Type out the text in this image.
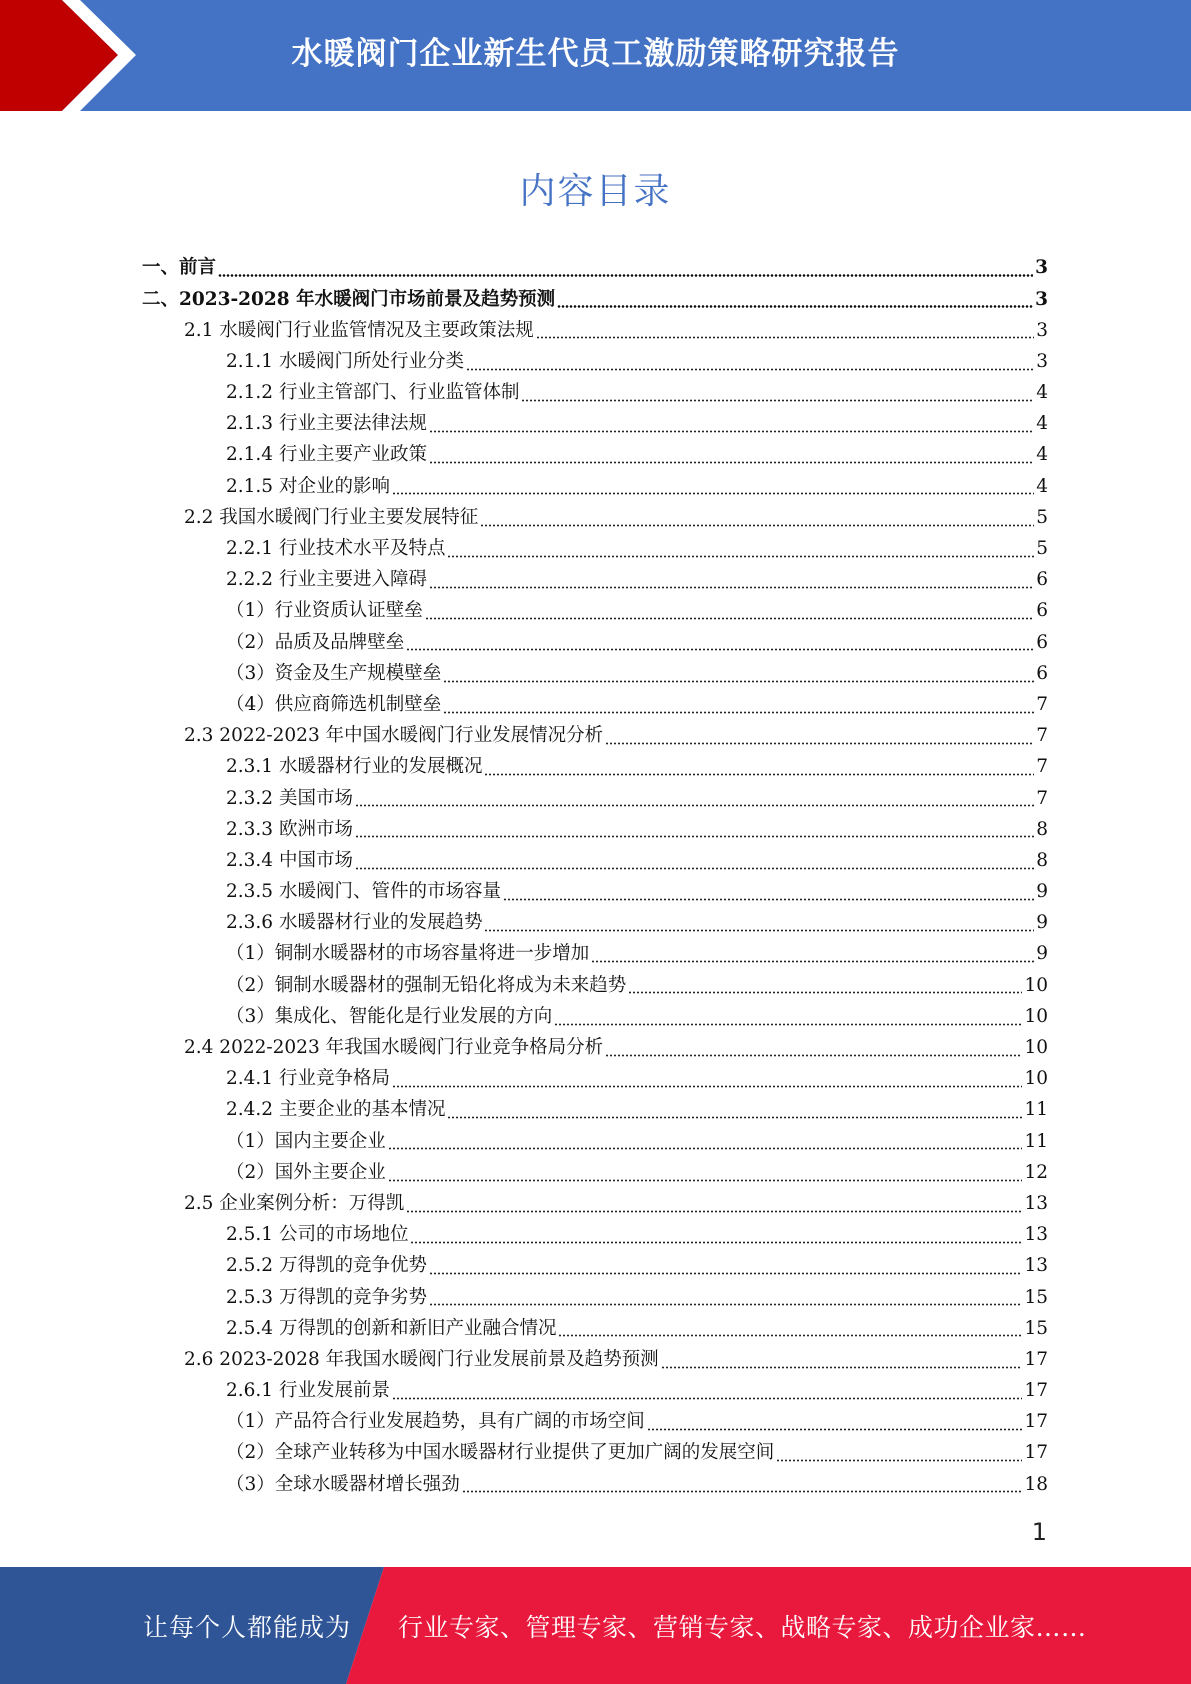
水暖阀门企业新生代员工激励策略研究报告
内容目录
一、前言	3
二、2023-2028 年水暖阀门市场前景及趋势预测	3
2.1 水暖阀门行业监管情况及主要政策法规	3
2.1.1 水暖阀门所处行业分类	3
2.1.2 行业主管部门、行业监管体制	4
2.1.3 行业主要法律法规	4
2.1.4 行业主要产业政策	4
2.1.5 对企业的影响	4
2.2 我国水暖阀门行业主要发展特征	5
2.2.1 行业技术水平及特点	5
2.2.2 行业主要进入障碍	6
（1）行业资质认证壁垒	6
（2）品质及品牌壁垒	6
（3）资金及生产规模壁垒	6
（4）供应商筛选机制壁垒	7
2.3 2022-2023 年中国水暖阀门行业发展情况分析	7
2.3.1 水暖器材行业的发展概况	7
2.3.2 美国市场	7
2.3.3 欧洲市场	8
2.3.4 中国市场	8
2.3.5 水暖阀门、管件的市场容量	9
2.3.6 水暖器材行业的发展趋势	9
（1）铜制水暖器材的市场容量将进一步增加	9
（2）铜制水暖器材的强制无铅化将成为未来趋势	10
（3）集成化、智能化是行业发展的方向	10
2.4 2022-2023 年我国水暖阀门行业竞争格局分析	10
2.4.1 行业竞争格局	10
2.4.2 主要企业的基本情况	11
（1）国内主要企业	11
（2）国外主要企业	12
2.5 企业案例分析：万得凯	13
2.5.1 公司的市场地位	13
2.5.2 万得凯的竞争优势	13
2.5.3 万得凯的竞争劣势	15
2.5.4 万得凯的创新和新旧产业融合情况	15
2.6 2023-2028 年我国水暖阀门行业发展前景及趋势预测	17
2.6.1 行业发展前景	17
（1）产品符合行业发展趋势，具有广阔的市场空间	17
（2）全球产业转移为中国水暖器材行业提供了更加广阔的发展空间	17
（3）全球水暖器材增长强劲	18
1
让每个人都能成为 行业专家、管理专家、营销专家、战略专家、成功企业家……
